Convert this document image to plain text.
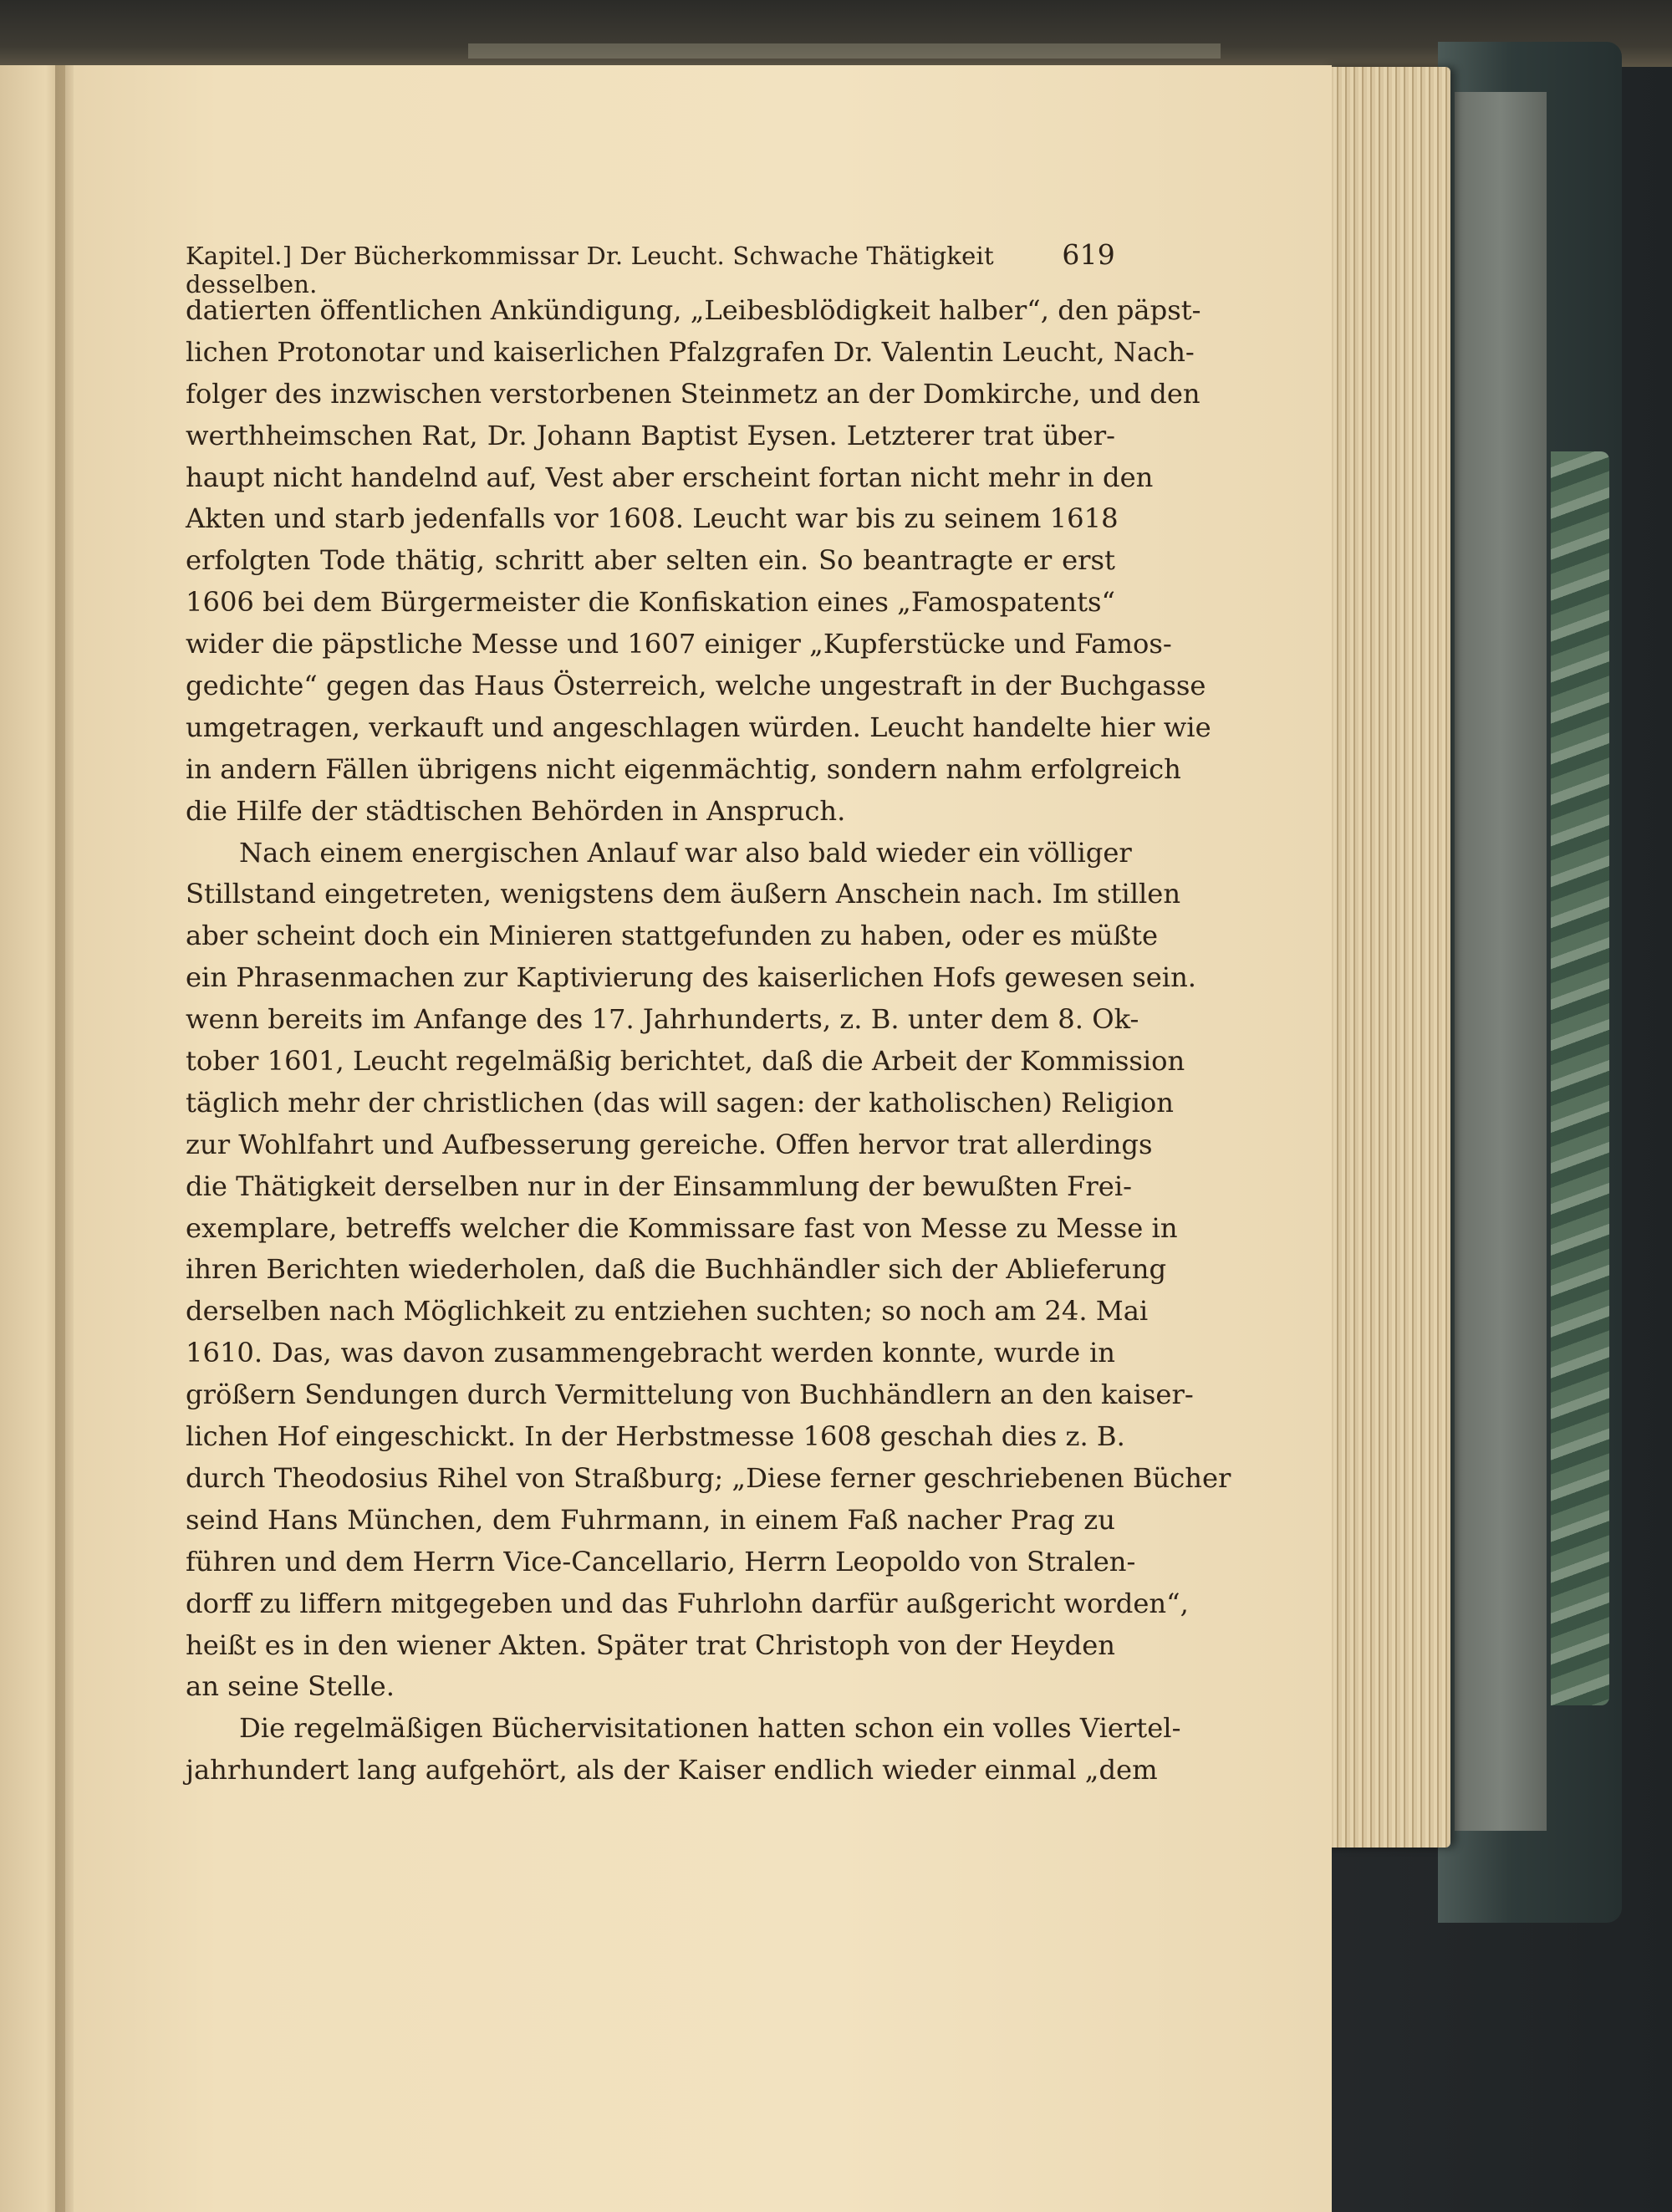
Kapitel.] Der Bücherkommissar Dr. Leucht. Schwache Thätigkeit desselben.
619
datierten öffentlichen Ankündigung, „Leibesblödigkeit halber“, den päpst-
lichen Protonotar und kaiserlichen Pfalzgrafen Dr. Valentin Leucht, Nach-
folger des inzwischen verstorbenen Steinmetz an der Domkirche, und den
werthheimschen Rat, Dr. Johann Baptist Eysen. Letzterer trat über-
haupt nicht handelnd auf, Vest aber erscheint fortan nicht mehr in den
Akten und starb jedenfalls vor 1608. Leucht war bis zu seinem 1618
erfolgten Tode thätig, schritt aber selten ein. So beantragte er erst
1606 bei dem Bürgermeister die Konfiskation eines „Famospatents“
wider die päpstliche Messe und 1607 einiger „Kupferstücke und Famos-
gedichte“ gegen das Haus Österreich, welche ungestraft in der Buchgasse
umgetragen, verkauft und angeschlagen würden. Leucht handelte hier wie
in andern Fällen übrigens nicht eigenmächtig, sondern nahm erfolgreich
die Hilfe der städtischen Behörden in Anspruch.
Nach einem energischen Anlauf war also bald wieder ein völliger
Stillstand eingetreten, wenigstens dem äußern Anschein nach. Im stillen
aber scheint doch ein Minieren stattgefunden zu haben, oder es müßte
ein Phrasenmachen zur Kaptivierung des kaiserlichen Hofs gewesen sein.
wenn bereits im Anfange des 17. Jahrhunderts, z. B. unter dem 8. Ok-
tober 1601, Leucht regelmäßig berichtet, daß die Arbeit der Kommission
täglich mehr der christlichen (das will sagen: der katholischen) Religion
zur Wohlfahrt und Aufbesserung gereiche. Offen hervor trat allerdings
die Thätigkeit derselben nur in der Einsammlung der bewußten Frei-
exemplare, betreffs welcher die Kommissare fast von Messe zu Messe in
ihren Berichten wiederholen, daß die Buchhändler sich der Ablieferung
derselben nach Möglichkeit zu entziehen suchten; so noch am 24. Mai
1610. Das, was davon zusammengebracht werden konnte, wurde in
größern Sendungen durch Vermittelung von Buchhändlern an den kaiser-
lichen Hof eingeschickt. In der Herbstmesse 1608 geschah dies z. B.
durch Theodosius Rihel von Straßburg; „Diese ferner geschriebenen Bücher
seind Hans München, dem Fuhrmann, in einem Faß nacher Prag zu
führen und dem Herrn Vice-Cancellario, Herrn Leopoldo von Stralen-
dorff zu liffern mitgegeben und das Fuhrlohn darfür außgericht worden“,
heißt es in den wiener Akten. Später trat Christoph von der Heyden
an seine Stelle.
Die regelmäßigen Büchervisitationen hatten schon ein volles Viertel-
jahrhundert lang aufgehört, als der Kaiser endlich wieder einmal „dem
